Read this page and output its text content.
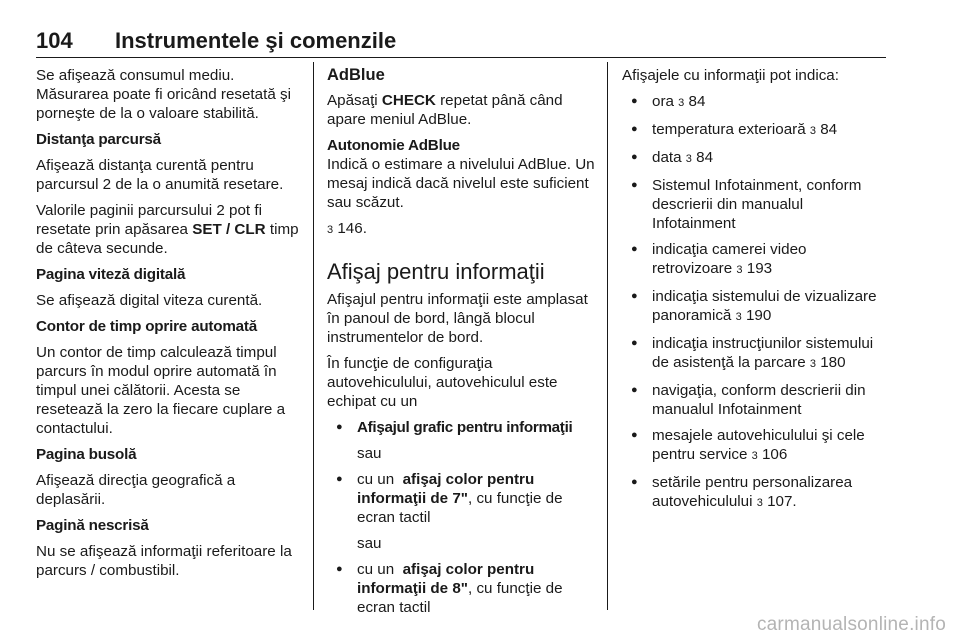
104 Instrumentele şi comenzile
Se afişează consumul mediu.

Măsurarea poate fi oricând resetată şi porneşte de la o valoare stabilită.

Distanţa parcursă

Afişează distanţa curentă pentru parcursul 2 de la o anumită resetare.

Valorile paginii parcursului 2 pot fi resetate prin apăsarea SET / CLR timp de câteva secunde.

Pagina viteză digitală

Se afişează digital viteza curentă.

Contor de timp oprire automată

Un contor de timp calculează timpul parcurs în modul oprire automată în timpul unei călătorii. Acesta se resetează la zero la fiecare cuplare a contactului.

Pagina busolă

Afişează direcţia geografică a deplasării.

Pagină nescrisă

Nu se afişează informaţii referitoare la parcurs / combustibil.

AdBlue

Apăsaţi CHECK repetat până când apare meniul AdBlue.

Autonomie AdBlue

Indică o estimare a nivelului AdBlue. Un mesaj indică dacă nivelul este suficient sau scăzut.

3 146.

Afişaj pentru informaţii

Afişajul pentru informaţii este amplasat în panoul de bord, lângă blocul instrumentelor de bord.

În funcţie de configuraţia autovehiculului, autovehiculul este echipat cu un

● Afişajul grafic pentru informaţii
sau
● cu un  afişaj color pentru informaţii de 7", cu funcţie de ecran tactil
sau
● cu un  afişaj color pentru informaţii de 8", cu funcţie de ecran tactil

Afişajele cu informaţii pot indica:

● ora 3 84
● temperatura exterioară 3 84
● data 3 84
● Sistemul Infotainment, conform descrierii din manualul Infotainment
● indicaţia camerei video retrovizoare 3 193
● indicaţia sistemului de vizualizare panoramică 3 190
● indicaţia instrucţiunilor sistemului de asistenţă la parcare 3 180
● navigaţia, conform descrierii din manualul Infotainment
● mesajele autovehiculului şi cele pentru service 3 106
● setările pentru personalizarea autovehiculului 3 107.
carmanualsonline.info
